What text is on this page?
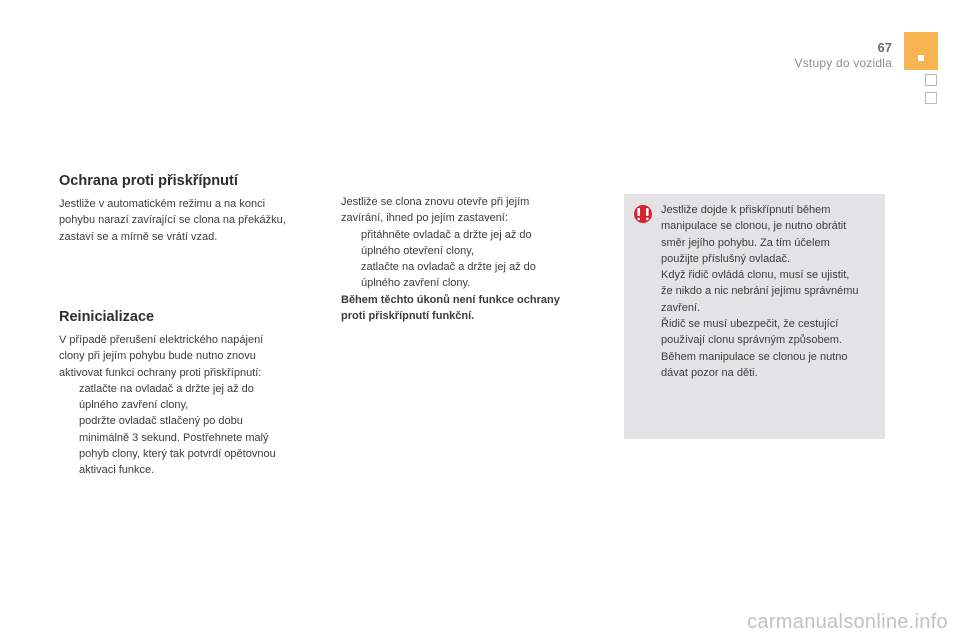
67
Vstupy do vozidla
Ochrana proti přiskřípnutí

Jestliže v automatickém režimu a na konci

pohybu narazí zavírající se clona na překážku,

zastaví se a mírně se vrátí vzad.

Reinicializace

V případě přerušení elektrického napájení

clony při jejím pohybu bude nutno znovu

aktivovat funkci ochrany proti přiskřípnutí:

zatlačte na ovladač a držte jej až do
úplného zavření clony,
podržte ovladač stlačený po dobu
minimálně 3 sekund. Postřehnete malý
pohyb clony, který tak potvrdí opětovnou
aktivaci funkce.

Jestliže se clona znovu otevře při jejím

zavírání, ihned po jejím zastavení:

přitáhněte ovladač a držte jej až do
úplného otevření clony,
zatlačte na ovladač a držte jej až do
úplného zavření clony.

Během těchto úkonů není funkce ochrany

proti přiskřípnutí funkční.

Jestliže dojde k přiskřípnutí během

manipulace se clonou, je nutno obrátit

směr jejího pohybu. Za tím účelem

použijte příslušný ovladač.

Když řidič ovládá clonu, musí se ujistit,

že nikdo a nic nebrání jejímu správnému

zavření.

Řidič se musí ubezpečit, že cestující

používají clonu správným způsobem.

Během manipulace se clonou je nutno

dávat pozor na děti.

carmanualsonline.info
